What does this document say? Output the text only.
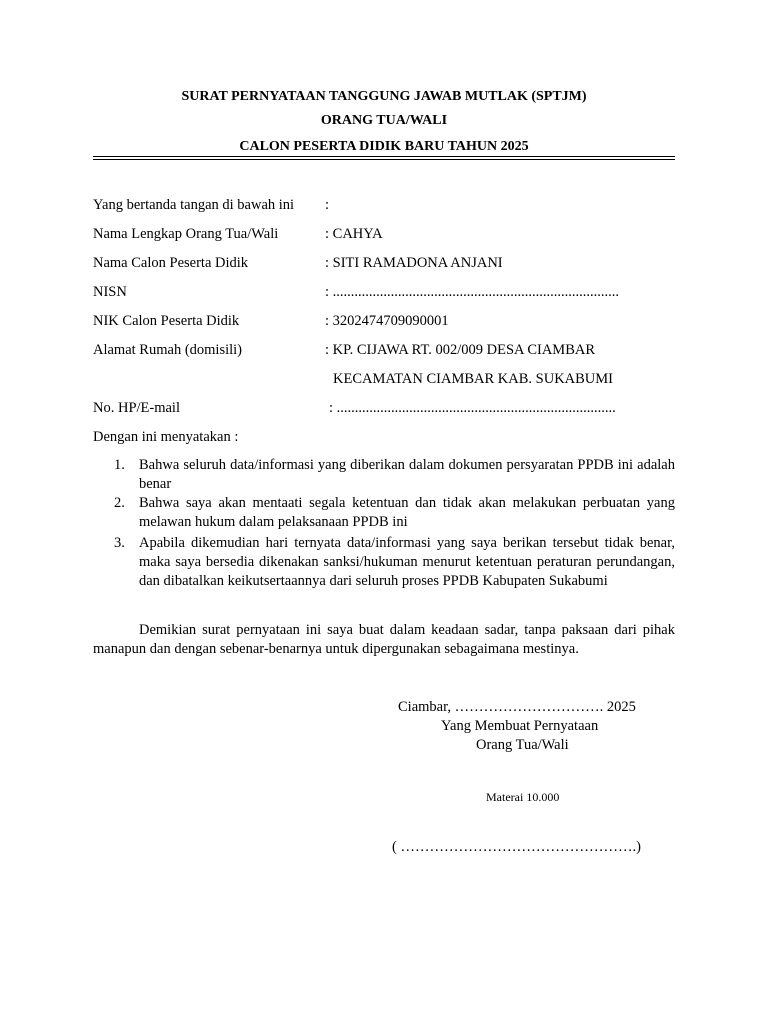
SURAT PERNYATAAN TANGGUNG JAWAB MUTLAK (SPTJM)
ORANG TUA/WALI
CALON PESERTA DIDIK BARU TAHUN 2025
Yang bertanda tangan di bawah ini :
Nama Lengkap Orang Tua/Wali	: CAHYA
Nama Calon Peserta Didik	: SITI RAMADONA ANJANI
NISN	: ...............................................................................
NIK Calon Peserta Didik	: 3202474709090001
Alamat Rumah (domisili)	: KP. CIJAWA RT. 002/009 DESA CIAMBAR
KECAMATAN CIAMBAR KAB. SUKABUMI
No. HP/E-mail	: .............................................................................
Dengan ini menyatakan :
1. Bahwa seluruh data/informasi yang diberikan dalam dokumen persyaratan PPDB ini adalah benar
2. Bahwa saya akan mentaati segala ketentuan dan tidak akan melakukan perbuatan yang melawan hukum dalam pelaksanaan PPDB ini
3. Apabila dikemudian hari ternyata data/informasi yang saya berikan tersebut tidak benar, maka saya bersedia dikenakan sanksi/hukuman menurut ketentuan peraturan perundangan, dan dibatalkan keikutsertaannya dari seluruh proses PPDB Kabupaten Sukabumi
Demikian surat pernyataan ini saya buat dalam keadaan sadar, tanpa paksaan dari pihak manapun dan dengan sebenar-benarnya untuk dipergunakan sebagaimana mestinya.
Ciambar, …………………………. 2025
Yang Membuat Pernyataan
Orang Tua/Wali
Materai 10.000
( ………………………………………….)
